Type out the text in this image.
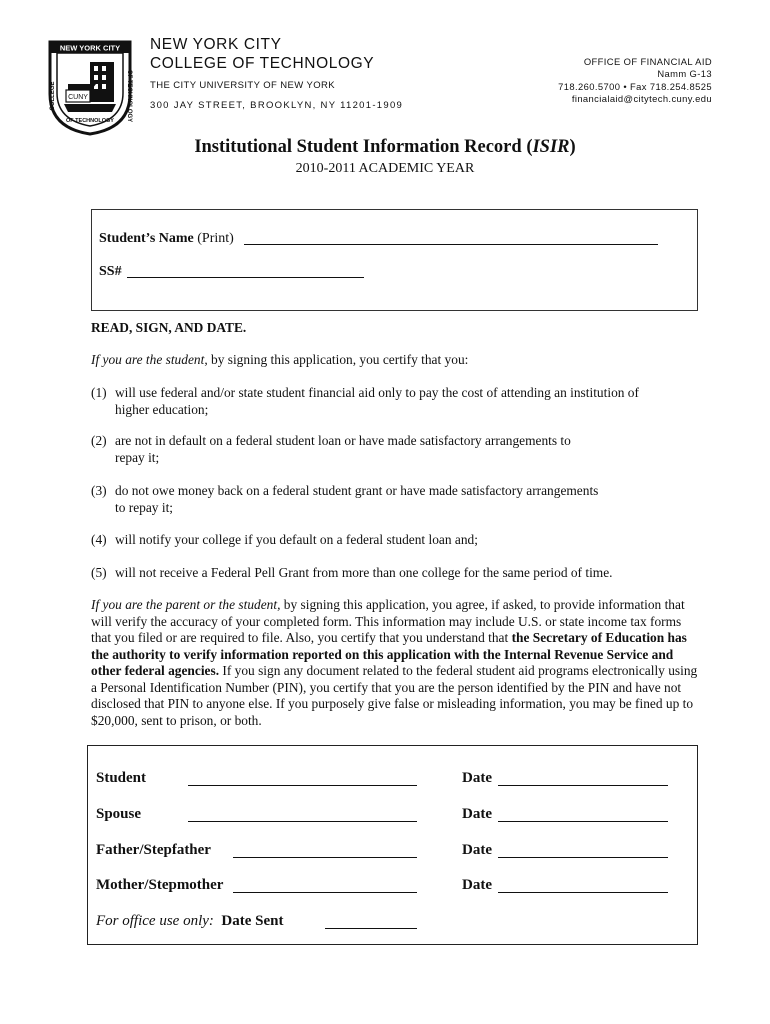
NEW YORK CITY
COLLEGE	OF TECHNOLOGY
CUNY
OF TECHNOLOGY
NEW YORK CITY
COLLEGE OF TECHNOLOGY
THE CITY UNIVERSITY OF NEW YORK
300 JAY STREET, BROOKLYN, NY 11201-1909
OFFICE OF FINANCIAL AID
Namm G-13
718.260.5700 • Fax 718.254.8525
financialaid@citytech.cuny.edu
Institutional Student Information Record (ISIR)
2010-2011 ACADEMIC YEAR
Student’s Name (Print)
SS#
READ, SIGN, AND DATE.
If you are the student, by signing this application, you certify that you:
(1) will use federal and/or state student financial aid only to pay the cost of attending an institution of
higher education;
(2) are not in default on a federal student loan or have made satisfactory arrangements to
repay it;
(3) do not owe money back on a federal student grant or have made satisfactory arrangements
to repay it;
(4) will notify your college if you default on a federal student loan and;
(5) will not receive a Federal Pell Grant from more than one college for the same period of time.
If you are the parent or the student, by signing this application, you agree, if asked, to provide information that will verify the accuracy of your completed form. This information may include U.S. or state income tax forms that you filed or are required to file. Also, you certify that you understand that the Secretary of Education has the authority to verify information reported on this application with the Internal Revenue Service and other federal agencies. If you sign any document related to the federal student aid programs electronically using a Personal Identification Number (PIN), you certify that you are the person identified by the PIN and have not disclosed that PIN to anyone else. If you purposely give false or misleading information, you may be fined up to $20,000, sent to prison, or both.
Student	Date
Spouse	Date
Father/Stepfather	Date
Mother/Stepmother	Date
For office use only: Date Sent
